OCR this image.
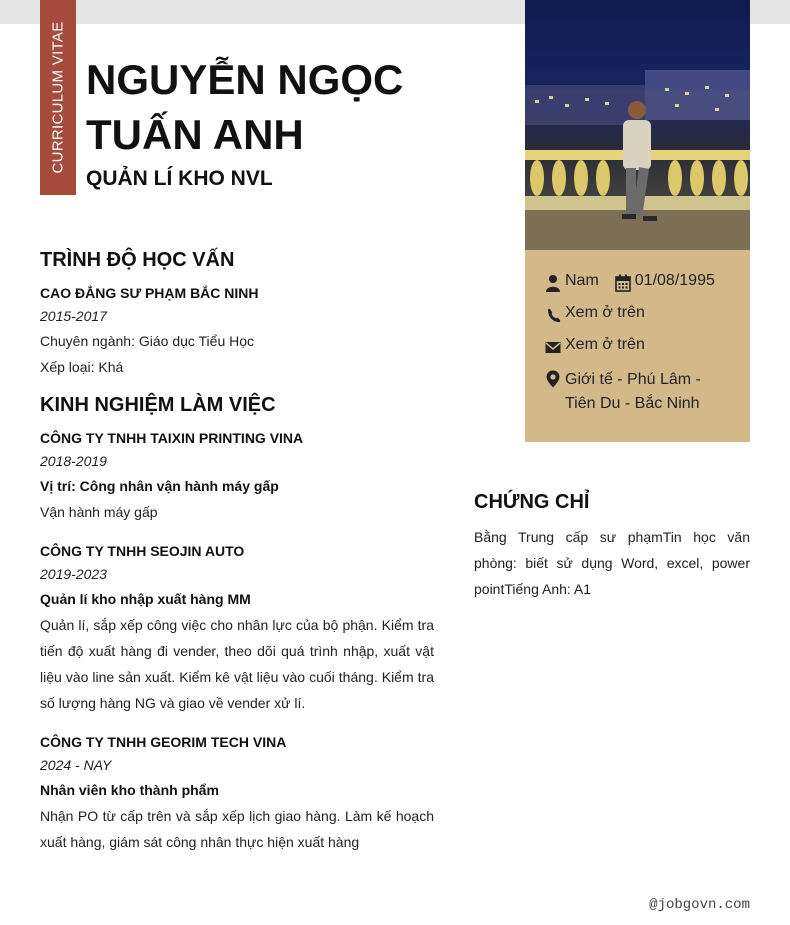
CURRICULUM VITAE NGUYỄN NGỌC TUẤN ANH
QUẢN LÍ KHO NVL
Nam 01/08/1995
Xem ở trên
Xem ở trên
Giới tế - Phú Lâm - Tiên Du - Bắc Ninh
TRÌNH ĐỘ HỌC VẤN

CAO ĐẲNG SƯ PHẠM BẮC NINH

2015-2017

Chuyên ngành: Giáo dục Tiểu Học

Xếp loại: Khá

KINH NGHIỆM LÀM VIỆC

CÔNG TY TNHH TAIXIN PRINTING VINA

2018-2019

Vị trí: Công nhân vận hành máy gấp

Vận hành máy gấp

CÔNG TY TNHH SEOJIN AUTO

2019-2023

Quản lí kho nhập xuất hàng MM

Quản lí, sắp xếp công việc cho nhân lực của bộ phận. Kiểm tra tiến độ xuất hàng đi vender, theo dõi quá trình nhập, xuất vật liệu vào line sản xuất. Kiểm kê vật liệu vào cuối tháng. Kiểm tra số lượng hàng NG và giao về vender xử lí.

CÔNG TY TNHH GEORIM TECH VINA

2024 - NAY

Nhân viên kho thành phẩm

Nhận PO từ cấp trên và sắp xếp lịch giao hàng. Làm kế hoạch xuất hàng, giám sát công nhân thực hiện xuất hàng

CHỨNG CHỈ

Bằng Trung cấp sư phạmTin học văn phòng: biết sử dụng Word, excel, power pointTiếng Anh: A1

@jobgovn.com
